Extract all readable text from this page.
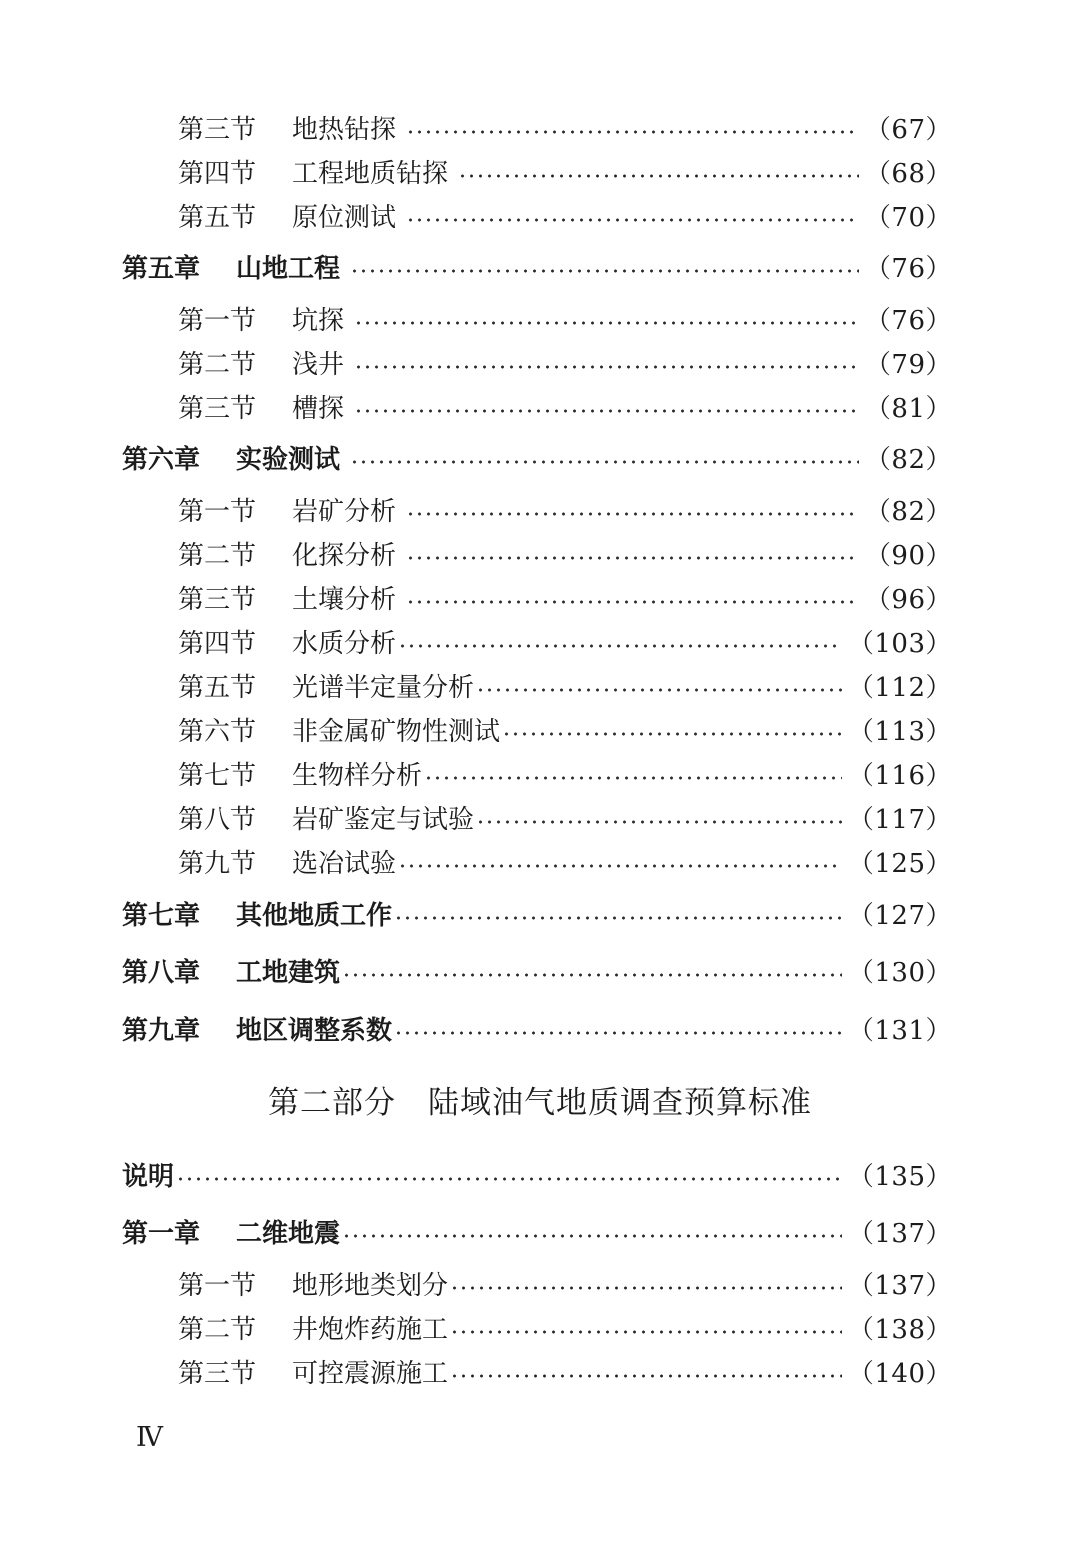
第三节 地热钻探	（67）
第四节 工程地质钻探	（68）
第五节 原位测试	（70）
第五章 山地工程	（76）
第一节 坑探	（76）
第二节 浅井	（79）
第三节 槽探	（81）
第六章 实验测试	（82）
第一节 岩矿分析	（82）
第二节 化探分析	（90）
第三节 土壤分析	（96）
第四节 水质分析	（103）
第五节 光谱半定量分析	（112）
第六节 非金属矿物性测试	（113）
第七节 生物样分析	（116）
第八节 岩矿鉴定与试验	（117）
第九节 选冶试验	（125）
第七章 其他地质工作	（127）
第八章 工地建筑	（130）
第九章 地区调整系数	（131）
第二部分　陆域油气地质调查预算标准
说明	（135）
第一章 二维地震	（137）
第一节 地形地类划分	（137）
第二节 井炮炸药施工	（138）
第三节 可控震源施工	（140）
Ⅳ
